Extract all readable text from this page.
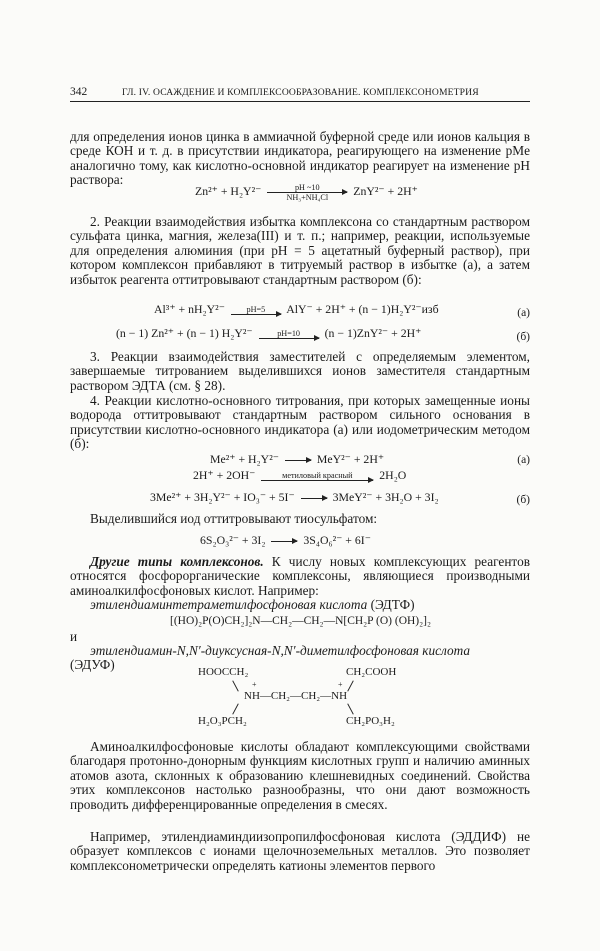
342	ГЛ. IV. ОСАЖДЕНИЕ И КОМПЛЕКСООБРАЗОВАНИЕ. КОМПЛЕКСОНОМЕТРИЯ
для определения ионов цинка в аммиачной буферной среде или ионов кальция в среде КОН и т. д. в присутствии индикатора, реагирующего на изменение pMe аналогично тому, как кислотно-основной индикатор реагирует на изменение pH раствора:
$Zn^{2+} + H_2Y^{2-} \frac{pH \sim 10}{\text{NH₃+NH₄Cl}} ZnY^{2-} + 2H^+$
2. Реакции взаимодействия избытка комплексона со стандартным раствором сульфата цинка, магния, железа(III) и т. п.; например, реакции, используемые для определения алюминия (при pH = 5 ацетатный буферный раствор), при котором комплексон прибавляют в титруемый раствор в избытке (а), а затем избыток реагента оттитровывают стандартным раствором (б):
Al³⁺ + nH₂Y²⁻	pH=5	AlY⁻ + 2H⁺ + (n − 1)H₂Y²⁻изб	(а)
(n − 1) Zn²⁺ + (n − 1) H₂Y²⁻	pH=10	(n − 1)ZnY²⁻ + 2H⁺	(б)
3. Реакции взаимодействия заместителей с определяемым элементом, завершаемые титрованием выделившихся ионов заместителя стандартным раствором ЭДТА (см. § 28).
4. Реакции кислотно-основного титрования, при которых замещенные ионы водорода оттитровывают стандартным раствором сильного основания в присутствии кислотно-основного индикатора (а) или иодометрическим методом (б):
Me²⁺ + H₂Y²⁻	MeY²⁻ + 2H⁺	(а)
2H⁺ + 2OH⁻	метиловый красный	2H₂O
3Me²⁺ + 3H₂Y²⁻ + IO₃⁻ + 5I⁻	3MeY²⁻ + 3H₂O + 3I₂	(б)
Выделившийся иод оттитровывают тиосульфатом:
6S₂O₃²⁻ + 3I₂	3S₄O₆²⁻ + 6I⁻
Другие типы комплексонов. К числу новых комплексующих реагентов относятся фосфорорганические комплексоны, являющиеся производными аминоалкилфосфоновых кислот. Например:
этилендиаминтетраметилфосфоновая кислота (ЭДТФ)
[(HO)₂P(O)CH₂]₂N—CH₂—CH₂—N[CH₂P (O) (OH)₂]₂
и
этилендиамин-N,N′-диуксусная-N,N′-диметилфосфоновая кислота
(ЭДУФ)	HOOCCH₂	CH₂COOH
+	+
NH—CH₂—CH₂—NH
H₂O₃PCH₂	CH₂PO₃H₂
Аминоалкилфосфоновые кислоты обладают комплексующими свойствами благодаря протонно-донорным функциям кислотных групп и наличию аминных атомов азота, склонных к образованию клешневидных соединений. Свойства этих комплексонов настолько разнообразны, что они дают возможность проводить дифференцированные определения в смесях.
Например, этилендиаминдиизопропилфосфоновая кислота (ЭДДИФ) не образует комплексов с ионами щелочноземельных металлов. Это позволяет комплексонометрически определять катионы элементов первого
